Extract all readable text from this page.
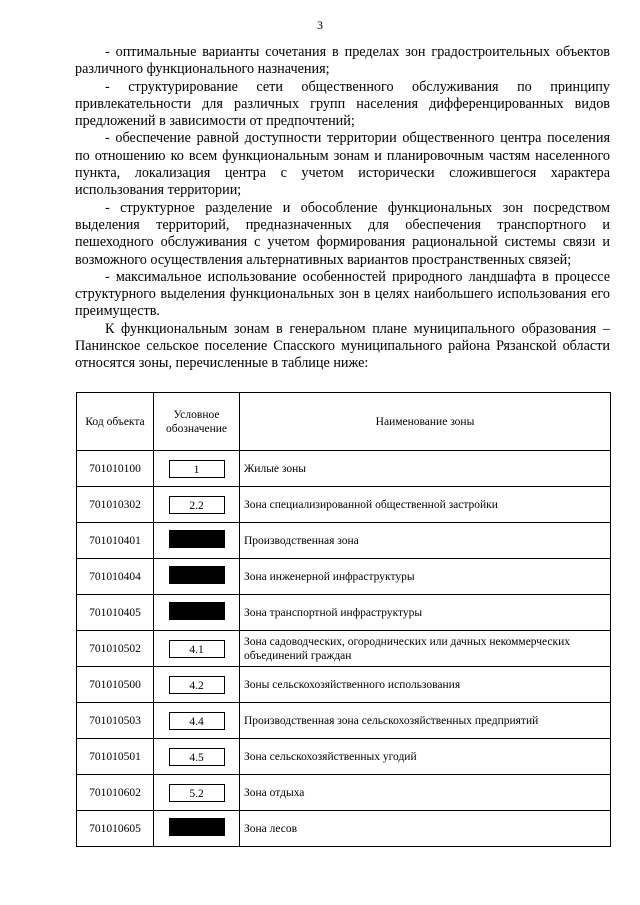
3

- оптимальные варианты сочетания в пределах зон градостроительных объектов различного функционального назначения;

- структурирование сети общественного обслуживания по принципу привлекательности для различных групп населения дифференцированных видов предложений в зависимости от предпочтений;

- обеспечение равной доступности территории общественного центра поселения по отношению ко всем функциональным зонам и планировочным частям населенного пункта, локализация центра с учетом исторически сложившегося характера использования территории;

- структурное разделение и обособление функциональных зон посредством выделения территорий, предназначенных для обеспечения транспортного и пешеходного обслуживания с учетом формирования рациональной системы связи и возможного осуществления альтернативных вариантов пространственных связей;

- максимальное использование особенностей природного ландшафта в процессе структурного выделения функциональных зон в целях наибольшего использования его преимуществ.

К функциональным зонам в генеральном плане муниципального образования – Панинское сельское поселение Спасского муниципального района Рязанской области относятся зоны, перечисленные в таблице ниже:

Код объекта	Условное обозначение	Наименование зоны
701010100	1	Жилые зоны

701010302	2.2	Зона специализированной общественной застройки

701010401		Производственная зона

701010404		Зона инженерной инфраструктуры

701010405		Зона транспортной инфраструктуры

701010502	4.1	Зона садоводческих, огороднических или дачных некоммерческих объединений граждан

701010500	4.2	Зоны сельскохозяйственного использования

701010503	4.4	Производственная зона сельскохозяйственных предприятий

701010501	4.5	Зона сельскохозяйственных угодий

701010602	5.2	Зона отдыха

701010605		Зона лесов
